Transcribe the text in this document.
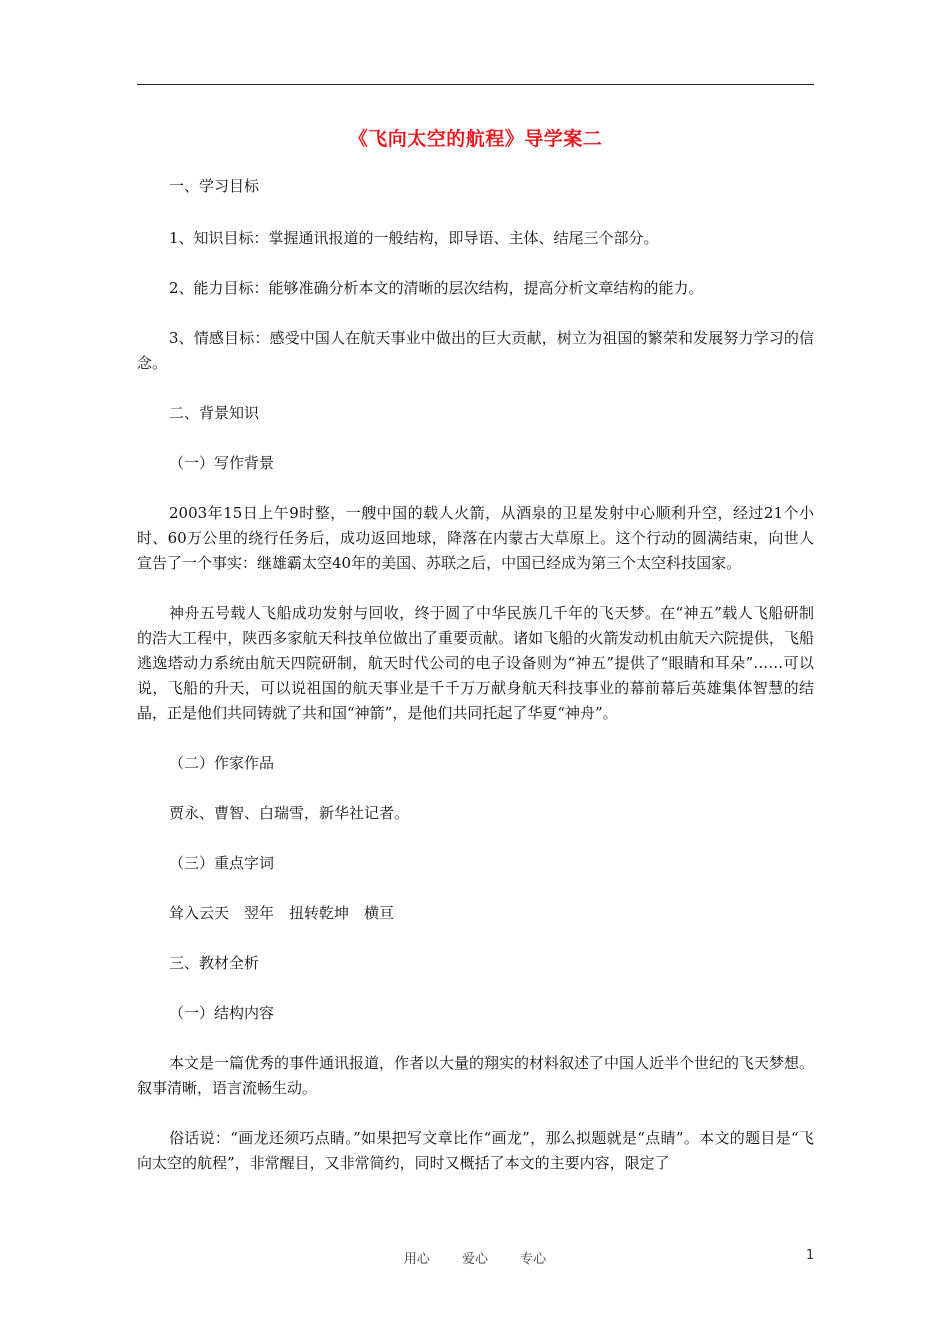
《飞向太空的航程》导学案二

一、学习目标

1、知识目标：掌握通讯报道的一般结构，即导语、主体、结尾三个部分。

2、能力目标：能够准确分析本文的清晰的层次结构，提高分析文章结构的能力。

3、情感目标：感受中国人在航天事业中做出的巨大贡献，树立为祖国的繁荣和发展努力学习的信念。

二、背景知识

（一）写作背景

2003年15日上午9时整，一艘中国的载人火箭，从酒泉的卫星发射中心顺利升空，经过21个小时、60万公里的绕行任务后，成功返回地球，降落在内蒙古大草原上。这个行动的圆满结束，向世人宣告了一个事实：继雄霸太空40年的美国、苏联之后，中国已经成为第三个太空科技国家。

神舟五号载人飞船成功发射与回收，终于圆了中华民族几千年的飞天梦。在“神五”载人飞船研制的浩大工程中，陕西多家航天科技单位做出了重要贡献。诸如飞船的火箭发动机由航天六院提供，飞船逃逸塔动力系统由航天四院研制，航天时代公司的电子设备则为“神五”提供了“眼睛和耳朵”……可以说，飞船的升天，可以说祖国的航天事业是千千万万献身航天科技事业的幕前幕后英雄集体智慧的结晶，正是他们共同铸就了共和国“神箭”，是他们共同托起了华夏“神舟”。

（二）作家作品

贾永、曹智、白瑞雪，新华社记者。

（三）重点字词

耸入云天　翌年　扭转乾坤　横亘

三、教材全析

（一）结构内容

本文是一篇优秀的事件通讯报道，作者以大量的翔实的材料叙述了中国人近半个世纪的飞天梦想。叙事清晰，语言流畅生动。

俗话说：“画龙还须巧点睛。”如果把写文章比作“画龙”，那么拟题就是“点睛”。本文的题目是“飞向太空的航程”，非常醒目，又非常简约，同时又概括了本文的主要内容，限定了

用心 爱心 专心	1
